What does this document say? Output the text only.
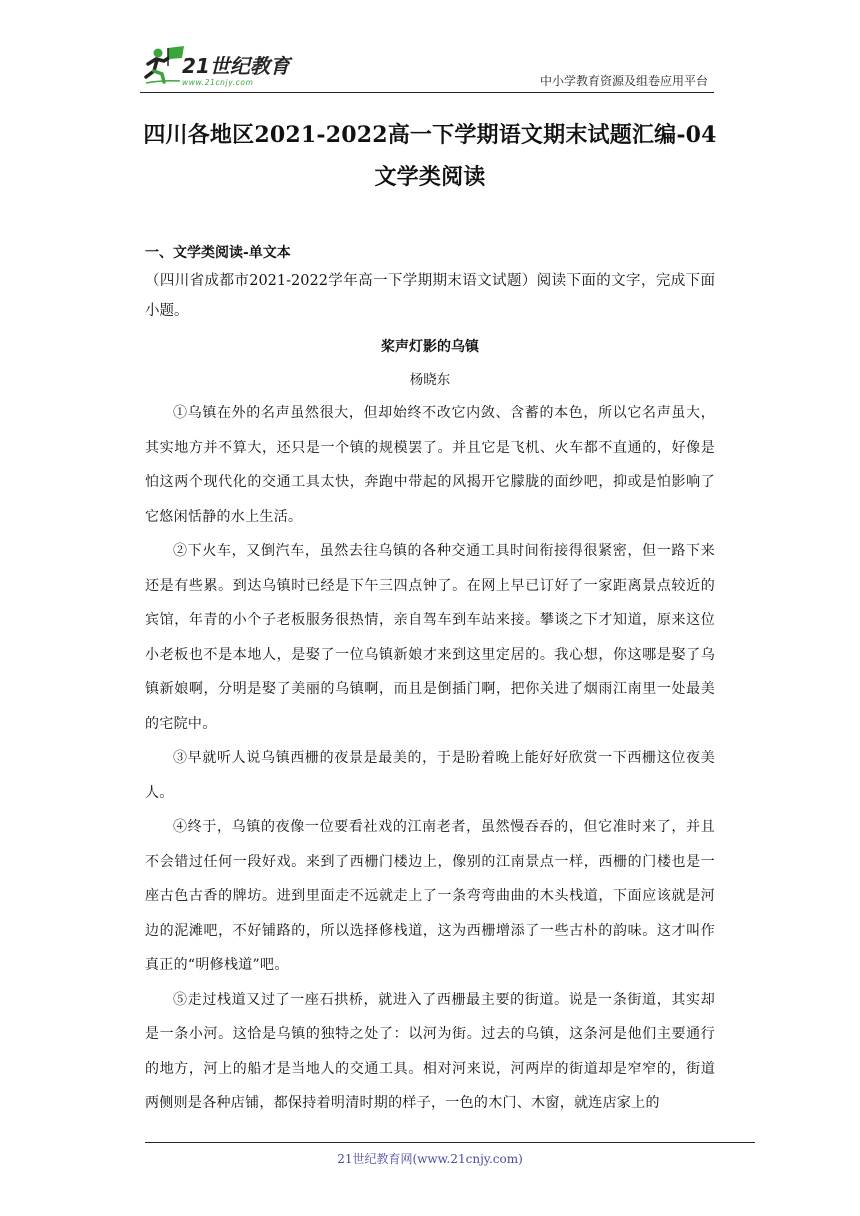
21世纪教育
www.21cnjy.com	中小学教育资源及组卷应用平台
四川各地区2021-2022高一下学期语文期末试题汇编-04文学类阅读

一、文学类阅读-单文本

（四川省成都市2021-2022学年高一下学期期末语文试题）阅读下面的文字，完成下面小题。

桨声灯影的乌镇

杨晓东

①乌镇在外的名声虽然很大，但却始终不改它内敛、含蓄的本色，所以它名声虽大，其实地方并不算大，还只是一个镇的规模罢了。并且它是飞机、火车都不直通的，好像是怕这两个现代化的交通工具太快，奔跑中带起的风揭开它朦胧的面纱吧，抑或是怕影响了它悠闲恬静的水上生活。

②下火车，又倒汽车，虽然去往乌镇的各种交通工具时间衔接得很紧密，但一路下来还是有些累。到达乌镇时已经是下午三四点钟了。在网上早已订好了一家距离景点较近的宾馆，年青的小个子老板服务很热情，亲自驾车到车站来接。攀谈之下才知道，原来这位小老板也不是本地人，是娶了一位乌镇新娘才来到这里定居的。我心想，你这哪是娶了乌镇新娘啊，分明是娶了美丽的乌镇啊，而且是倒插门啊，把你关进了烟雨江南里一处最美的宅院中。

③早就听人说乌镇西栅的夜景是最美的，于是盼着晚上能好好欣赏一下西栅这位夜美人。

④终于，乌镇的夜像一位要看社戏的江南老者，虽然慢吞吞的，但它准时来了，并且不会错过任何一段好戏。来到了西栅门楼边上，像别的江南景点一样，西栅的门楼也是一座古色古香的牌坊。进到里面走不远就走上了一条弯弯曲曲的木头栈道，下面应该就是河边的泥滩吧，不好铺路的，所以选择修栈道，这为西栅增添了一些古朴的韵味。这才叫作真正的“明修栈道”吧。

⑤走过栈道又过了一座石拱桥，就进入了西栅最主要的街道。说是一条街道，其实却是一条小河。这恰是乌镇的独特之处了：以河为街。过去的乌镇，这条河是他们主要通行的地方，河上的船才是当地人的交通工具。相对河来说，河两岸的街道却是窄窄的，街道两侧则是各种店铺，都保持着明清时期的样子，一色的木门、木窗，就连店家上的

21世纪教育网(www.21cnjy.com)
